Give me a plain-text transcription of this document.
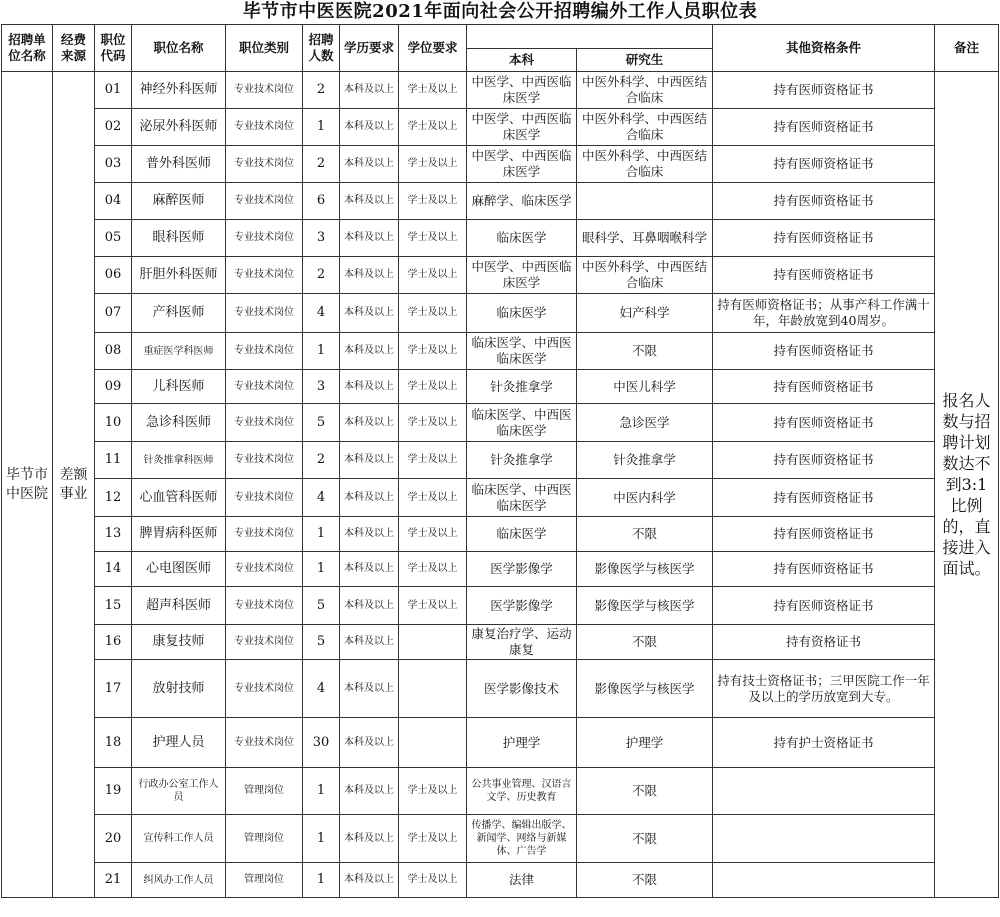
毕节市中医医院2021年面向社会公开招聘编外工作人员职位表
招聘单位名称	经费来源	职位代码	职位名称	职位类别	招聘人数	学历要求	学位要求			其他资格条件	备注
								本科	研究生		
毕节市中医院	差额事业	01	神经外科医师	专业技术岗位	2	本科及以上	学士及以上	中医学、中西医临床医学	中医外科学、中西医结合临床	持有医师资格证书	报名人数与招聘计划数达不到3:1比例的，直接进入面试。
		02	泌尿外科医师	专业技术岗位	1	本科及以上	学士及以上	中医学、中西医临床医学	中医外科学、中西医结合临床	持有医师资格证书	
		03	普外科医师	专业技术岗位	2	本科及以上	学士及以上	中医学、中西医临床医学	中医外科学、中西医结合临床	持有医师资格证书	
		04	麻醉医师	专业技术岗位	6	本科及以上	学士及以上	麻醉学、临床医学		持有医师资格证书	
		05	眼科医师	专业技术岗位	3	本科及以上	学士及以上	临床医学	眼科学、耳鼻咽喉科学	持有医师资格证书	
		06	肝胆外科医师	专业技术岗位	2	本科及以上	学士及以上	中医学、中西医临床医学	中医外科学、中西医结合临床	持有医师资格证书	
		07	产科医师	专业技术岗位	4	本科及以上	学士及以上	临床医学	妇产科学	持有医师资格证书；从事产科工作满十年，年龄放宽到40周岁。	
		08	重症医学科医师	专业技术岗位	1	本科及以上	学士及以上	临床医学、中西医临床医学	不限	持有医师资格证书	
		09	儿科医师	专业技术岗位	3	本科及以上	学士及以上	针灸推拿学	中医儿科学	持有医师资格证书	
		10	急诊科医师	专业技术岗位	5	本科及以上	学士及以上	临床医学、中西医临床医学	急诊医学	持有医师资格证书	
		11	针灸推拿科医师	专业技术岗位	2	本科及以上	学士及以上	针灸推拿学	针灸推拿学	持有医师资格证书	
		12	心血管科医师	专业技术岗位	4	本科及以上	学士及以上	临床医学、中西医临床医学	中医内科学	持有医师资格证书	
		13	脾胃病科医师	专业技术岗位	1	本科及以上	学士及以上	临床医学	不限	持有医师资格证书	
		14	心电图医师	专业技术岗位	1	本科及以上	学士及以上	医学影像学	影像医学与核医学	持有医师资格证书	
		15	超声科医师	专业技术岗位	5	本科及以上	学士及以上	医学影像学	影像医学与核医学	持有医师资格证书	
		16	康复技师	专业技术岗位	5	本科及以上		康复治疗学、运动康复	不限	持有资格证书	
		17	放射技师	专业技术岗位	4	本科及以上		医学影像技术	影像医学与核医学	持有技士资格证书；三甲医院工作一年及以上的学历放宽到大专。	
		18	护理人员	专业技术岗位	30	本科及以上		护理学	护理学	持有护士资格证书	
		19	行政办公室工作人员	管理岗位	1	本科及以上	学士及以上	公共事业管理、汉语言文学、历史教育	不限		
		20	宣传科工作人员	管理岗位	1	本科及以上	学士及以上	传播学、编辑出版学、新闻学、网络与新媒体、广告学	不限		
		21	纠风办工作人员	管理岗位	1	本科及以上	学士及以上	法律	不限		
